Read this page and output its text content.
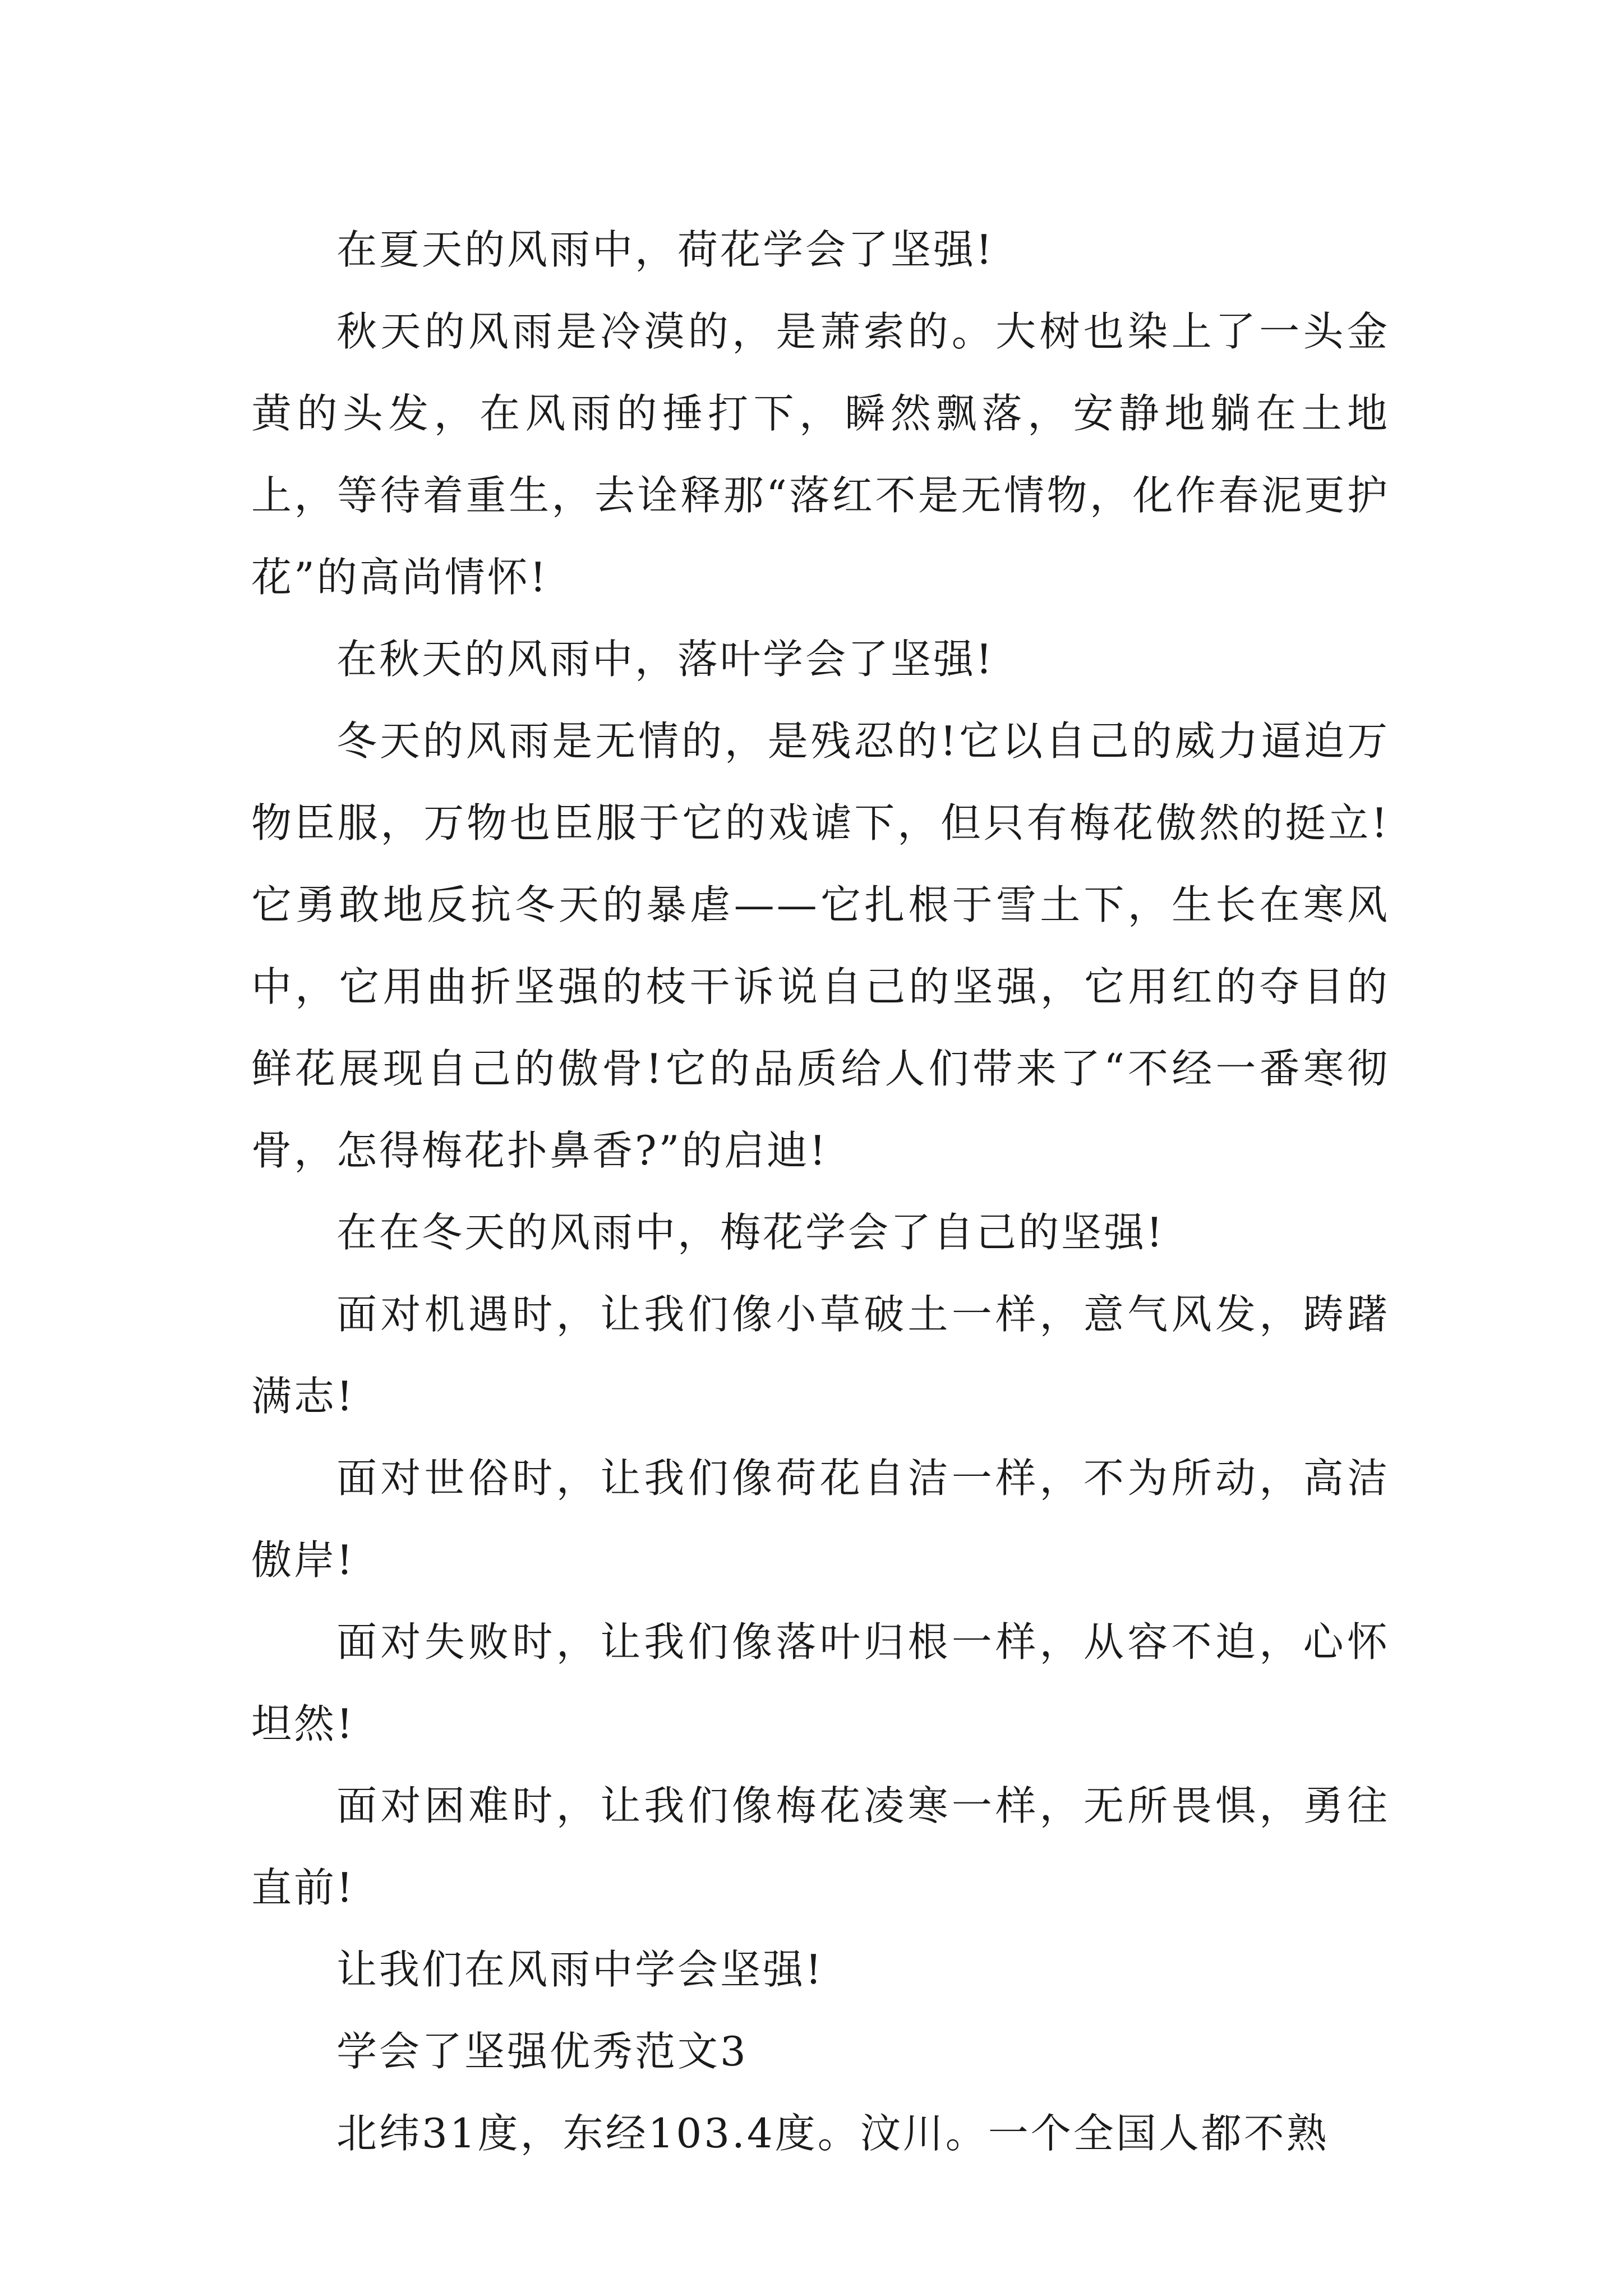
在夏天的风雨中，荷花学会了坚强!

秋天的风雨是冷漠的，是萧索的。大树也染上了一头金黄的头发，在风雨的捶打下，瞬然飘落，安静地躺在土地上，等待着重生，去诠释那“落红不是无情物，化作春泥更护花”的高尚情怀!

在秋天的风雨中，落叶学会了坚强!

冬天的风雨是无情的，是残忍的!它以自己的威力逼迫万物臣服，万物也臣服于它的戏谑下，但只有梅花傲然的挺立!它勇敢地反抗冬天的暴虐——它扎根于雪土下，生长在寒风中，它用曲折坚强的枝干诉说自己的坚强，它用红的夺目的鲜花展现自己的傲骨!它的品质给人们带来了“不经一番寒彻骨，怎得梅花扑鼻香?”的启迪!

在在冬天的风雨中，梅花学会了自己的坚强!

面对机遇时，让我们像小草破土一样，意气风发，踌躇满志!

面对世俗时，让我们像荷花自洁一样，不为所动，高洁傲岸!

面对失败时，让我们像落叶归根一样，从容不迫，心怀坦然!

面对困难时，让我们像梅花凌寒一样，无所畏惧，勇往直前!

让我们在风雨中学会坚强!

学会了坚强优秀范文3

北纬31度，东经103.4度。汶川。一个全国人都不熟
